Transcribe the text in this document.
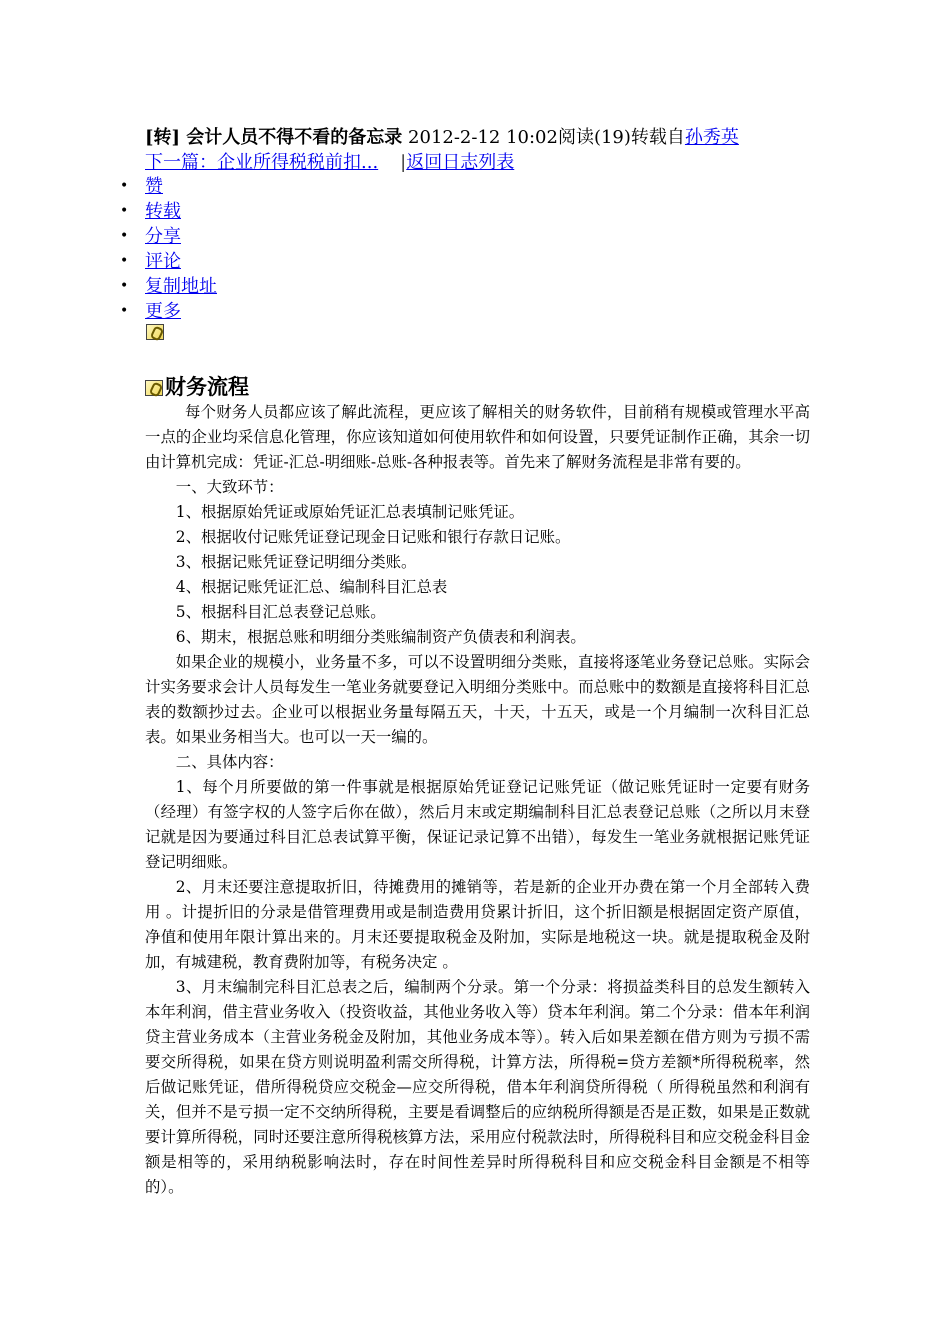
[转] 会计人员不得不看的备忘录 2012-2-12 10:02阅读(19)转载自孙秀英
下一篇：企业所得税税前扣... |返回日志列表
• 赞
• 转载
• 分享
• 评论
• 复制地址
• 更多
财务流程

每个财务人员都应该了解此流程，更应该了解相关的财务软件，目前稍有规模或管理水平高一点的企业均采信息化管理，你应该知道如何使用软件和如何设置，只要凭证制作正确，其余一切由计算机完成：凭证-汇总-明细账-总账-各种报表等。首先来了解财务流程是非常有要的。

一、大致环节：

1、根据原始凭证或原始凭证汇总表填制记账凭证。

2、根据收付记账凭证登记现金日记账和银行存款日记账。

3、根据记账凭证登记明细分类账。

4、根据记账凭证汇总、编制科目汇总表

5、根据科目汇总表登记总账。

6、期末，根据总账和明细分类账编制资产负债表和利润表。

如果企业的规模小，业务量不多，可以不设置明细分类账，直接将逐笔业务登记总账。实际会计实务要求会计人员每发生一笔业务就要登记入明细分类账中。而总账中的数额是直接将科目汇总表的数额抄过去。企业可以根据业务量每隔五天，十天，十五天，或是一个月编制一次科目汇总表。如果业务相当大。也可以一天一编的。

二、具体内容：

1、每个月所要做的第一件事就是根据原始凭证登记记账凭证（做记账凭证时一定要有财务（经理）有签字权的人签字后你在做），然后月末或定期编制科目汇总表登记总账（之所以月末登记就是因为要通过科目汇总表试算平衡，保证记录记算不出错），每发生一笔业务就根据记账凭证登记明细账。

2、月末还要注意提取折旧，待摊费用的摊销等，若是新的企业开办费在第一个月全部转入费用 。计提折旧的分录是借管理费用或是制造费用贷累计折旧，这个折旧额是根据固定资产原值，净值和使用年限计算出来的。月末还要提取税金及附加，实际是地税这一块。就是提取税金及附加，有城建税，教育费附加等，有税务决定 。

3、月末编制完科目汇总表之后，编制两个分录。第一个分录：将损益类科目的总发生额转入本年利润，借主营业务收入（投资收益，其他业务收入等）贷本年利润。第二个分录：借本年利润贷主营业务成本（主营业务税金及附加，其他业务成本等）。转入后如果差额在借方则为亏损不需要交所得税，如果在贷方则说明盈利需交所得税，计算方法，所得税=贷方差额*所得税税率，然后做记账凭证，借所得税贷应交税金—应交所得税，借本年利润贷所得税（ 所得税虽然和利润有关，但并不是亏损一定不交纳所得税，主要是看调整后的应纳税所得额是否是正数，如果是正数就要计算所得税，同时还要注意所得税核算方法，采用应付税款法时，所得税科目和应交税金科目金额是相等的，采用纳税影响法时，存在时间性差异时所得税科目和应交税金科目金额是不相等的）。
